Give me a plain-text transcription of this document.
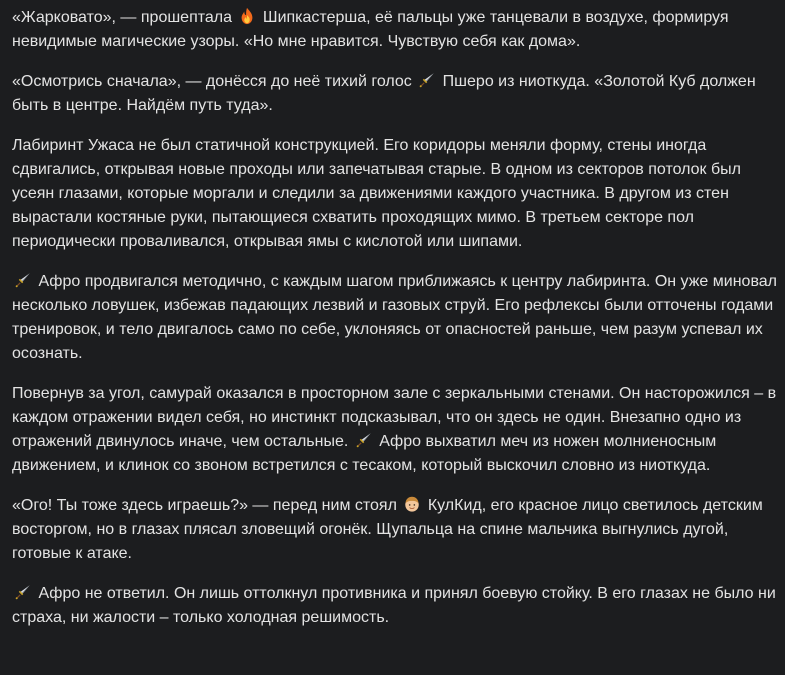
«Жарковато», — прошептала  Шипкастерша, её пальцы уже танцевали в воздухе, формируя невидимые магические узоры. «Но мне нравится. Чувствую себя как дома».

«Осмотрись сначала», — донёсся до неё тихий голос  Пшеро из ниоткуда. «Золотой Куб должен быть в центре. Найдём путь туда».

Лабиринт Ужаса не был статичной конструкцией. Его коридоры меняли форму, стены иногда сдвигались, открывая новые проходы или запечатывая старые. В одном из секторов потолок был усеян глазами, которые моргали и следили за движениями каждого участника. В другом из стен вырастали костяные руки, пытающиеся схватить проходящих мимо. В третьем секторе пол периодически проваливался, открывая ямы с кислотой или шипами.

Афро продвигался методично, с каждым шагом приближаясь к центру лабиринта. Он уже миновал несколько ловушек, избежав падающих лезвий и газовых струй. Его рефлексы были отточены годами тренировок, и тело двигалось само по себе, уклоняясь от опасностей раньше, чем разум успевал их осознать.

Повернув за угол, самурай оказался в просторном зале с зеркальными стенами. Он насторожился – в каждом отражении видел себя, но инстинкт подсказывал, что он здесь не один. Внезапно одно из отражений двинулось иначе, чем остальные.  Афро выхватил меч из ножен молниеносным движением, и клинок со звоном встретился с тесаком, который выскочил словно из ниоткуда.

«Ого! Ты тоже здесь играешь?» — перед ним стоял  КулКид, его красное лицо светилось детским восторгом, но в глазах плясал зловещий огонёк. Щупальца на спине мальчика выгнулись дугой, готовые к атаке.

Афро не ответил. Он лишь оттолкнул противника и принял боевую стойку. В его глазах не было ни страха, ни жалости – только холодная решимость.
